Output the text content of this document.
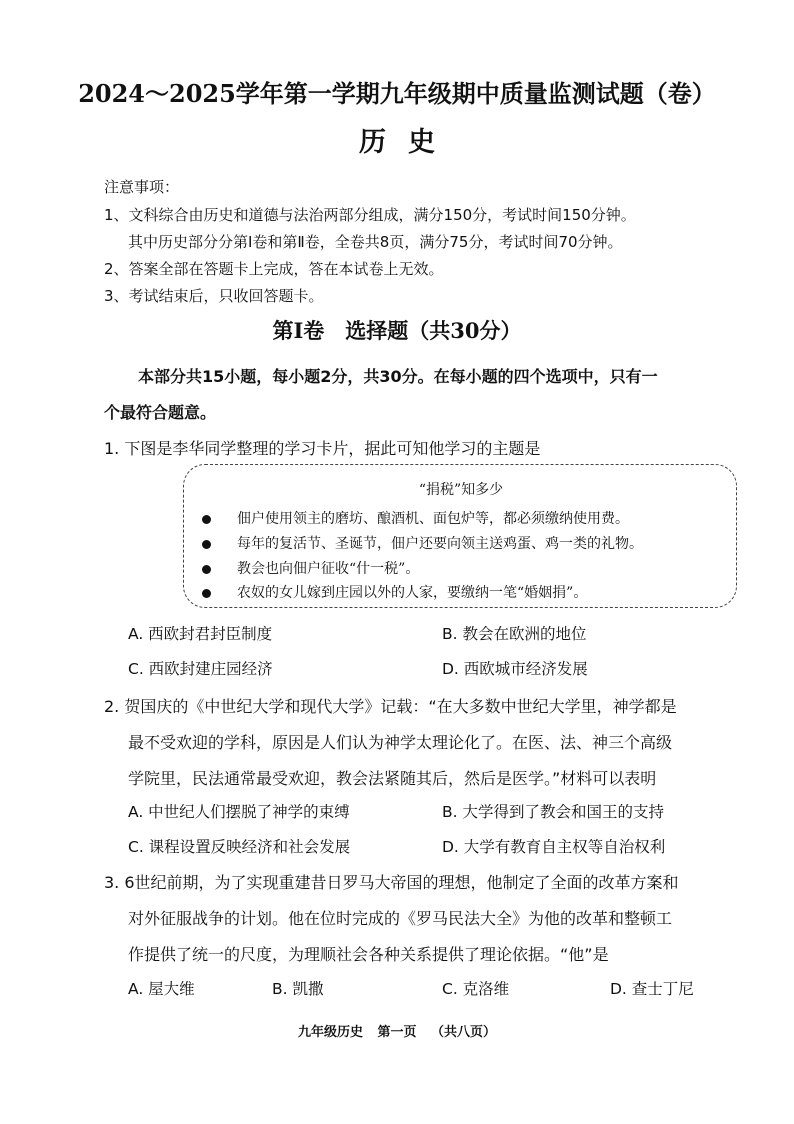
2024～2025学年第一学期九年级期中质量监测试题（卷）
历史
注意事项：
1、文科综合由历史和道德与法治两部分组成，满分150分，考试时间150分钟。
其中历史部分分第Ⅰ卷和第Ⅱ卷，全卷共8页，满分75分，考试时间70分钟。
2、答案全部在答题卡上完成，答在本试卷上无效。
3、考试结束后，只收回答题卡。
第Ⅰ卷　选择题（共30分）
本部分共15小题，每小题2分，共30分。在每小题的四个选项中，只有一
个最符合题意。
1. 下图是李华同学整理的学习卡片，据此可知他学习的主题是
“捐税”知多少
佃户使用领主的磨坊、酿酒机、面包炉等，都必须缴纳使用费。
每年的复活节、圣诞节，佃户还要向领主送鸡蛋、鸡一类的礼物。
教会也向佃户征收“什一税”。
农奴的女儿嫁到庄园以外的人家，要缴纳一笔“婚姻捐”。
A. 西欧封君封臣制度	B. 教会在欧洲的地位
C. 西欧封建庄园经济	D. 西欧城市经济发展
2. 贺国庆的《中世纪大学和现代大学》记载：“在大多数中世纪大学里，神学都是
最不受欢迎的学科，原因是人们认为神学太理论化了。在医、法、神三个高级
学院里，民法通常最受欢迎，教会法紧随其后，然后是医学。”材料可以表明
A. 中世纪人们摆脱了神学的束缚	B. 大学得到了教会和国王的支持
C. 课程设置反映经济和社会发展	D. 大学有教育自主权等自治权利
3. 6世纪前期，为了实现重建昔日罗马大帝国的理想，他制定了全面的改革方案和
对外征服战争的计划。他在位时完成的《罗马民法大全》为他的改革和整顿工
作提供了统一的尺度，为理顺社会各种关系提供了理论依据。“他”是
A. 屋大维	B. 凯撒	C. 克洛维	D. 查士丁尼
九年级历史 第一页 （共八页）
